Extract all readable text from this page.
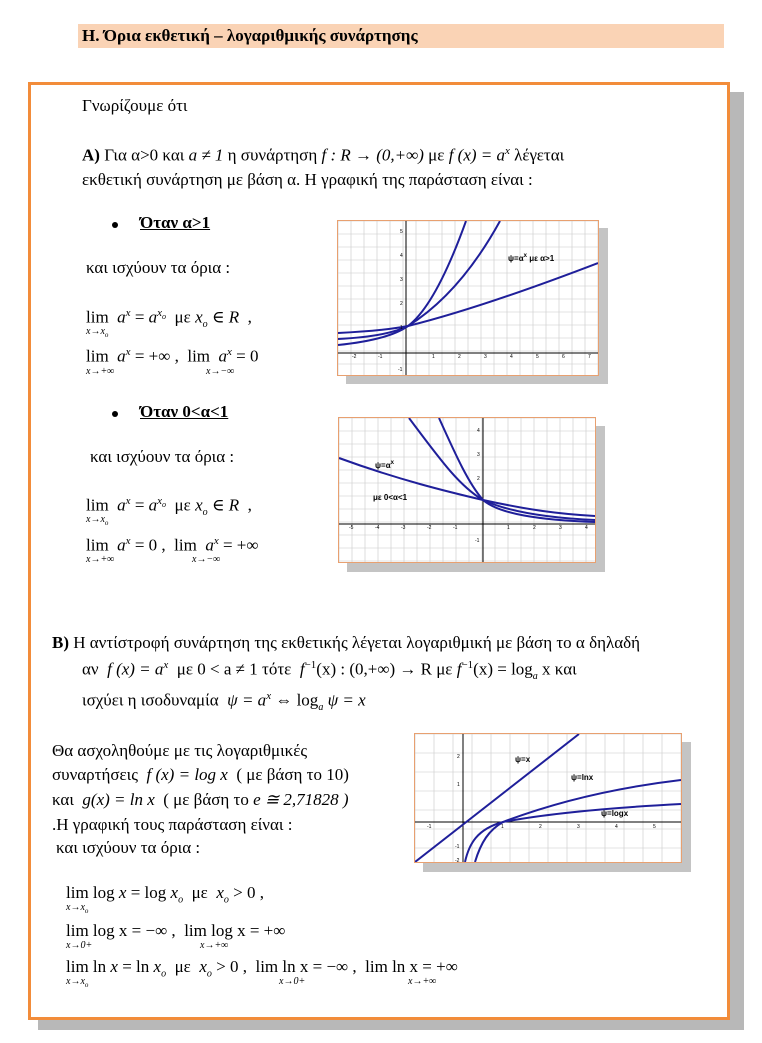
Η. Όρια εκθετική – λογαριθμικής συνάρτησης
Γνωρίζουμε ότι
Α) Για α>0 και a ≠ 1 η συνάρτηση f : R → (0,+∞) με f $(x) = a^x$ λέγεται
εκθετική συνάρτηση με βάση α. Η γραφική της παράσταση είναι :
Όταν α>1
και ισχύουν τα όρια :
$\lim a^x = a^{x_o}$ με $x_o$ ∈ R  ,
$x\to x_o$
$\lim a^x$ = +∞ ,  $\lim a^x = 0$
x→+∞	x→−∞
$\psi=\alpha^x$ με α>1
-2	-1	1	2	3	4	5	6	7
5
4
3
2
1
-1
Όταν 0<α<1
και ισχύουν τα όρια :
$\lim a^x = a^{x_o}$  με $x_o$ ∈ R  ,
$x\to x_o$
$\lim a^x = 0$ ,  $\lim a^x$ = +∞
x→+∞	x→−∞
$\psi=\alpha^x$
με 0<α<1
-5	-4	-3	-2	-1	1	2	3	4
4
3
2
-1
Β) Η αντίστροφή συνάρτηση της εκθετικής λέγεται λογαριθμική με βάση το α δηλαδή
αν f $(x) = a^x$ με 0 < a ≠ 1 τότε $f^{-1}(x)$ : (0,+∞) → R με $f^{-1}(x) = \log_a x$ και
ισχύει η ισοδυναμία $\psi = a^x$ ⇔ $\log_a \psi = x$
Θα ασχοληθούμε με τις λογαριθμικές
συναρτήσεις f (x) = log x ( με βάση το 10)
και g(x) = ln x ( με βάση το e ≅ 2,71828 )
.Η γραφική τους παράσταση είναι :
και ισχύουν τα όρια :
ψ=x
ψ=lnx
ψ=logx
-1	1	2	3	4	5
2
1
-1
-2
$\lim \log x = \log x_o$  με  $x_o > 0$ ,
$x\to x_o$
lim log x = −∞ , lim log x = +∞
x→0+	x→+∞
$\lim \ln x = \ln x_o$  με  $x_o > 0$ ,  lim ln x = −∞ , lim ln x = +∞
$x\to x_o$	x→0+	x→+∞
